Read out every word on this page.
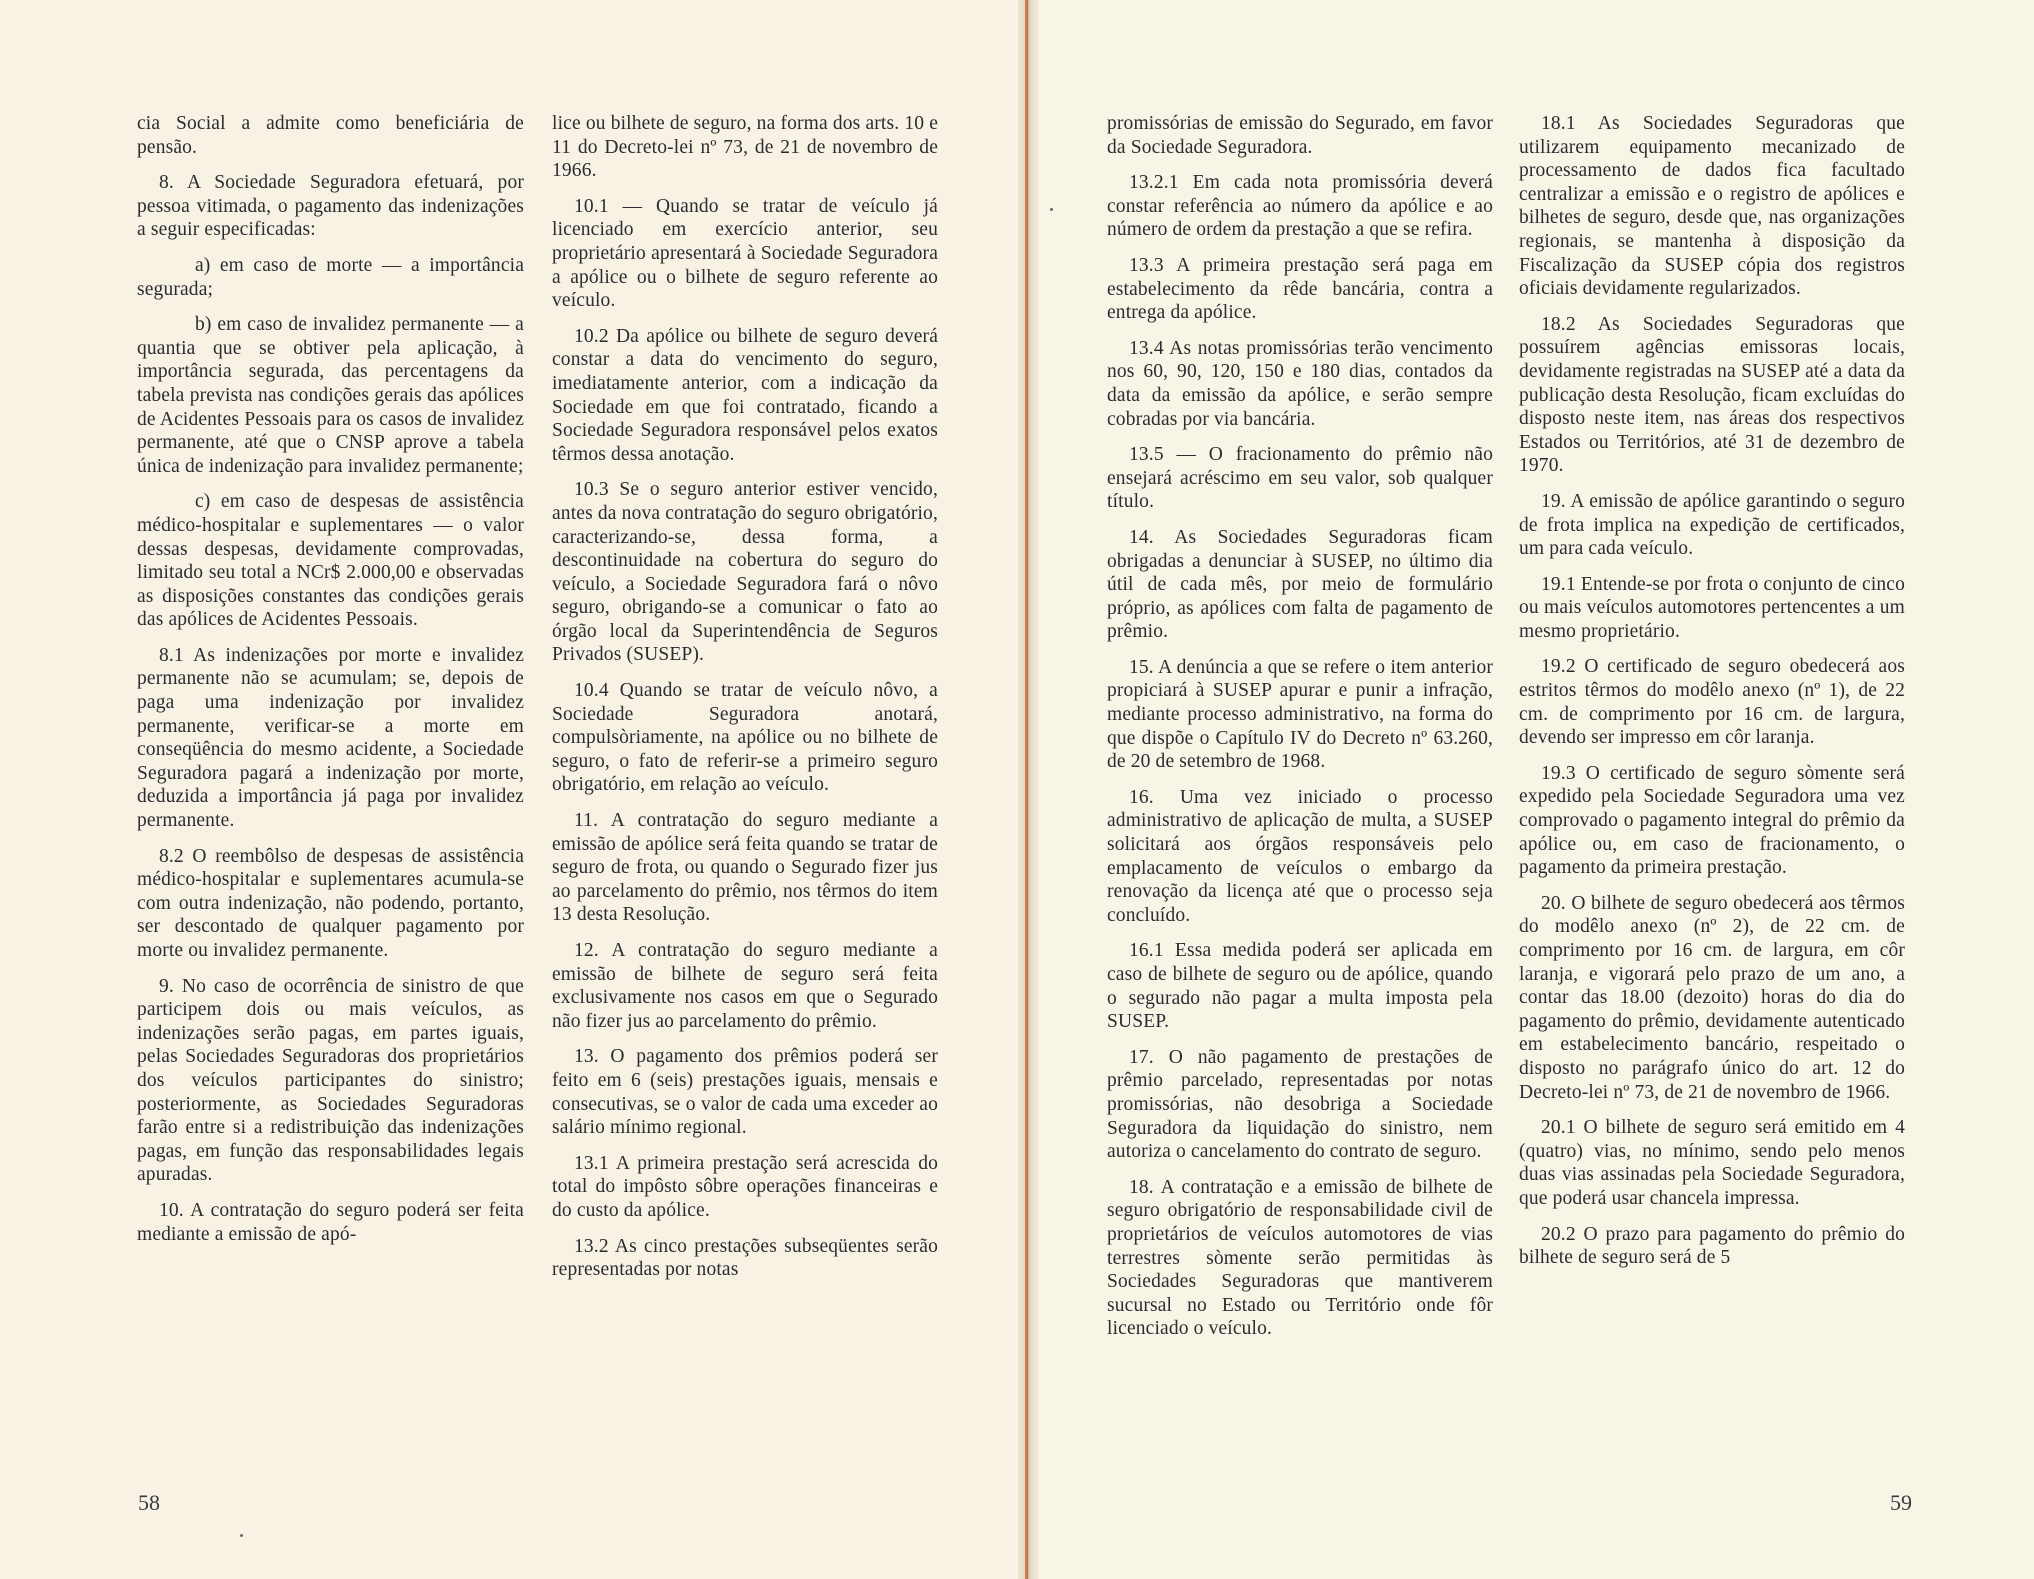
cia Social a admite como beneficiária de pensão.

8. A Sociedade Seguradora efetuará, por pessoa vitimada, o pagamento das indenizações a seguir especificadas:

a) em caso de morte — a importância segurada;

b) em caso de invalidez permanente — a quantia que se obtiver pela aplicação, à importância segurada, das percentagens da tabela prevista nas condições gerais das apólices de Acidentes Pessoais para os casos de invalidez permanente, até que o CNSP aprove a tabela única de indenização para invalidez permanente;

c) em caso de despesas de assistência médico-hospitalar e suplementares — o valor dessas despesas, devidamente comprovadas, limitado seu total a NCr$ 2.000,00 e observadas as disposições constantes das condições gerais das apólices de Acidentes Pessoais.

8.1 As indenizações por morte e invalidez permanente não se acumulam; se, depois de paga uma indenização por invalidez permanente, verificar-se a morte em conseqüência do mesmo acidente, a Sociedade Seguradora pagará a indenização por morte, deduzida a importância já paga por invalidez permanente.

8.2 O reembôlso de despesas de assistência médico-hospitalar e suplementares acumula-se com outra indenização, não podendo, portanto, ser descontado de qualquer pagamento por morte ou invalidez permanente.

9. No caso de ocorrência de sinistro de que participem dois ou mais veículos, as indenizações serão pagas, em partes iguais, pelas Sociedades Seguradoras dos proprietários dos veículos participantes do sinistro; posteriormente, as Sociedades Seguradoras farão entre si a redistribuição das indenizações pagas, em função das responsabilidades legais apuradas.

10. A contratação do seguro poderá ser feita mediante a emissão de apó-

lice ou bilhete de seguro, na forma dos arts. 10 e 11 do Decreto-lei nº 73, de 21 de novembro de 1966.

10.1 — Quando se tratar de veículo já licenciado em exercício anterior, seu proprietário apresentará à Sociedade Seguradora a apólice ou o bilhete de seguro referente ao veículo.

10.2 Da apólice ou bilhete de seguro deverá constar a data do vencimento do seguro, imediatamente anterior, com a indicação da Sociedade em que foi contratado, ficando a Sociedade Seguradora responsável pelos exatos têrmos dessa anotação.

10.3 Se o seguro anterior estiver vencido, antes da nova contratação do seguro obrigatório, caracterizando-se, dessa forma, a descontinuidade na cobertura do seguro do veículo, a Sociedade Seguradora fará o nôvo seguro, obrigando-se a comunicar o fato ao órgão local da Superintendência de Seguros Privados (SUSEP).

10.4 Quando se tratar de veículo nôvo, a Sociedade Seguradora anotará, compulsòriamente, na apólice ou no bilhete de seguro, o fato de referir-se a primeiro seguro obrigatório, em relação ao veículo.

11. A contratação do seguro mediante a emissão de apólice será feita quando se tratar de seguro de frota, ou quando o Segurado fizer jus ao parcelamento do prêmio, nos têrmos do item 13 desta Resolução.

12. A contratação do seguro mediante a emissão de bilhete de seguro será feita exclusivamente nos casos em que o Segurado não fizer jus ao parcelamento do prêmio.

13. O pagamento dos prêmios poderá ser feito em 6 (seis) prestações iguais, mensais e consecutivas, se o valor de cada uma exceder ao salário mínimo regional.

13.1 A primeira prestação será acrescida do total do impôsto sôbre operações financeiras e do custo da apólice.

13.2 As cinco prestações subseqüentes serão representadas por notas

promissórias de emissão do Segurado, em favor da Sociedade Seguradora.

13.2.1 Em cada nota promissória deverá constar referência ao número da apólice e ao número de ordem da prestação a que se refira.

13.3 A primeira prestação será paga em estabelecimento da rêde bancária, contra a entrega da apólice.

13.4 As notas promissórias terão vencimento nos 60, 90, 120, 150 e 180 dias, contados da data da emissão da apólice, e serão sempre cobradas por via bancária.

13.5 — O fracionamento do prêmio não ensejará acréscimo em seu valor, sob qualquer título.

14. As Sociedades Seguradoras ficam obrigadas a denunciar à SUSEP, no último dia útil de cada mês, por meio de formulário próprio, as apólices com falta de pagamento de prêmio.

15. A denúncia a que se refere o item anterior propiciará à SUSEP apurar e punir a infração, mediante processo administrativo, na forma do que dispõe o Capítulo IV do Decreto nº 63.260, de 20 de setembro de 1968.

16. Uma vez iniciado o processo administrativo de aplicação de multa, a SUSEP solicitará aos órgãos responsáveis pelo emplacamento de veículos o embargo da renovação da licença até que o processo seja concluído.

16.1 Essa medida poderá ser aplicada em caso de bilhete de seguro ou de apólice, quando o segurado não pagar a multa imposta pela SUSEP.

17. O não pagamento de prestações de prêmio parcelado, representadas por notas promissórias, não desobriga a Sociedade Seguradora da liquidação do sinistro, nem autoriza o cancelamento do contrato de seguro.

18. A contratação e a emissão de bilhete de seguro obrigatório de responsabilidade civil de proprietários de veículos automotores de vias terrestres sòmente serão permitidas às Sociedades Seguradoras que mantiverem sucursal no Estado ou Território onde fôr licenciado o veículo.

18.1 As Sociedades Seguradoras que utilizarem equipamento mecanizado de processamento de dados fica facultado centralizar a emissão e o registro de apólices e bilhetes de seguro, desde que, nas organizações regionais, se mantenha à disposição da Fiscalização da SUSEP cópia dos registros oficiais devidamente regularizados.

18.2 As Sociedades Seguradoras que possuírem agências emissoras locais, devidamente registradas na SUSEP até a data da publicação desta Resolução, ficam excluídas do disposto neste item, nas áreas dos respectivos Estados ou Territórios, até 31 de dezembro de 1970.

19. A emissão de apólice garantindo o seguro de frota implica na expedição de certificados, um para cada veículo.

19.1 Entende-se por frota o conjunto de cinco ou mais veículos automotores pertencentes a um mesmo proprietário.

19.2 O certificado de seguro obedecerá aos estritos têrmos do modêlo anexo (nº 1), de 22 cm. de comprimento por 16 cm. de largura, devendo ser impresso em côr laranja.

19.3 O certificado de seguro sòmente será expedido pela Sociedade Seguradora uma vez comprovado o pagamento integral do prêmio da apólice ou, em caso de fracionamento, o pagamento da primeira prestação.

20. O bilhete de seguro obedecerá aos têrmos do modêlo anexo (nº 2), de 22 cm. de comprimento por 16 cm. de largura, em côr laranja, e vigorará pelo prazo de um ano, a contar das 18.00 (dezoito) horas do dia do pagamento do prêmio, devidamente autenticado em estabelecimento bancário, respeitado o disposto no parágrafo único do art. 12 do Decreto-lei nº 73, de 21 de novembro de 1966.

20.1 O bilhete de seguro será emitido em 4 (quatro) vias, no mínimo, sendo pelo menos duas vias assinadas pela Sociedade Seguradora, que poderá usar chancela impressa.

20.2 O prazo para pagamento do prêmio do bilhete de seguro será de 5

58	59
